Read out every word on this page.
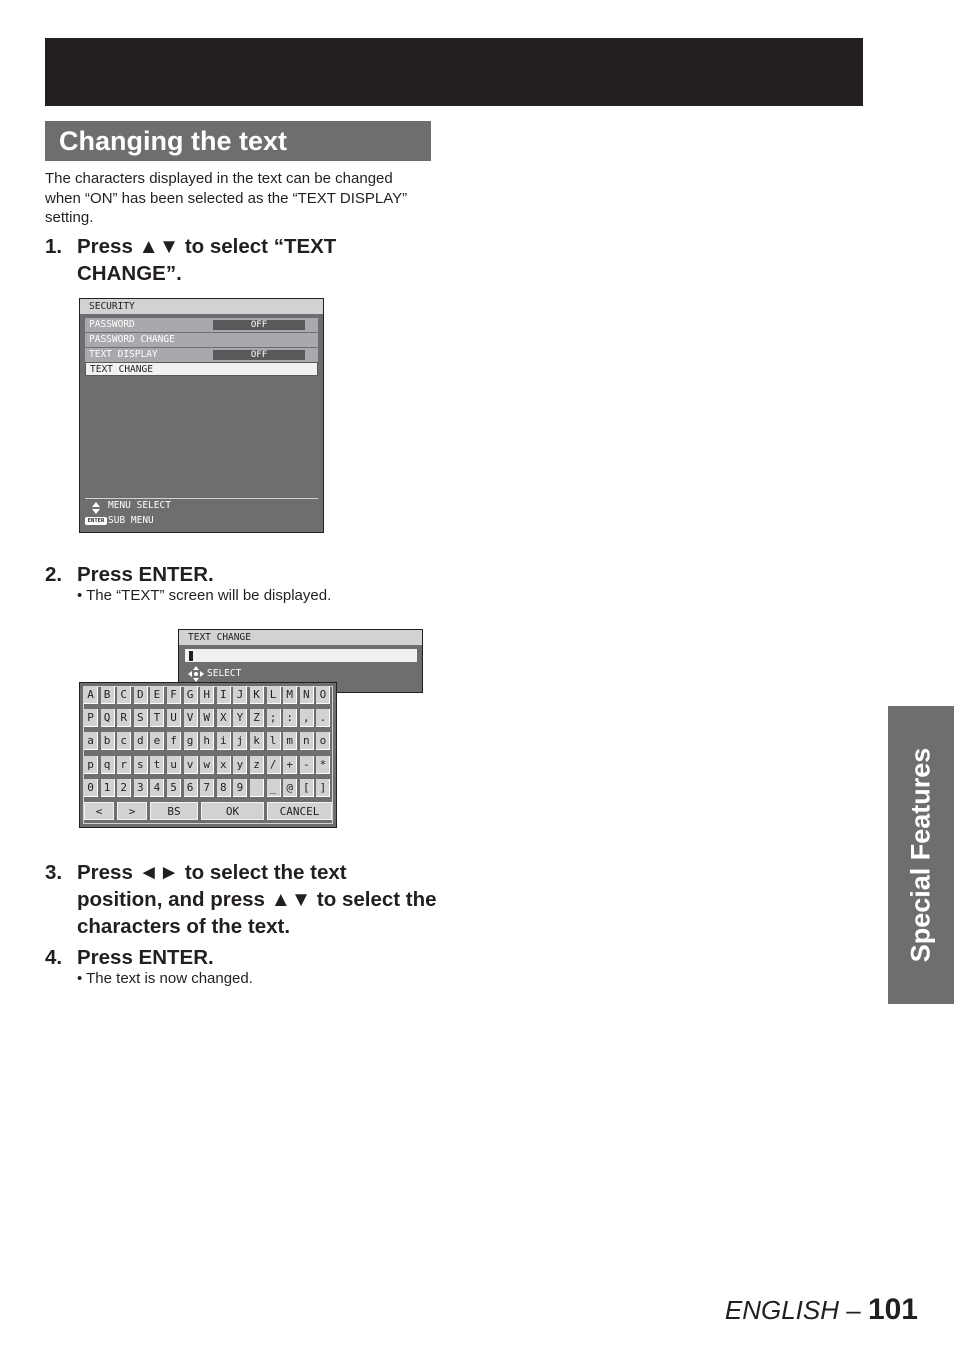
Changing the text
The characters displayed in the text can be changed when “ON” has been selected as the “TEXT DISPLAY” setting.
1. Press ▲▼ to select “TEXT CHANGE”.
SECURITY
PASSWORD	OFF
PASSWORD CHANGE
TEXT DISPLAY	OFF
TEXT CHANGE
MENU SELECT
ENTER SUB MENU
2. Press ENTER.
• The “TEXT” screen will be displayed.
TEXT CHANGE
SELECT
A B C D E F G H I J K L M N O
P Q R S T U V W X Y Z ; : , .
a b c d e f g h i j k l m n o
p q r s t u v w x y z / + - *
0 1 2 3 4 5 6 7 8 9	_ @ [ ]
<	>	BS	OK	CANCEL
3. Press ◄► to select the text position, and press ▲▼ to select the characters of the text.
4. Press ENTER.
• The text is now changed.
Special Features
ENGLISH – 101
